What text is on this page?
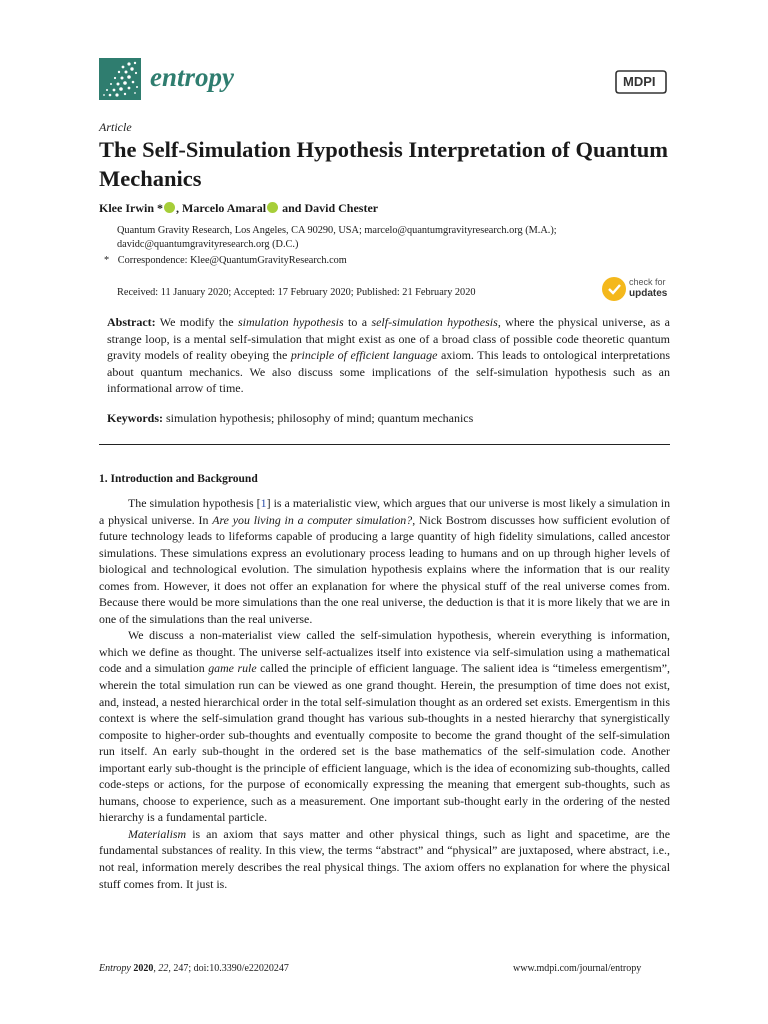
entropy	MDPI
Article
The Self-Simulation Hypothesis Interpretation of Quantum Mechanics
Klee Irwin * , Marcelo Amaral and David Chester
Quantum Gravity Research, Los Angeles, CA 90290, USA; marcelo@quantumgravityresearch.org (M.A.); davidc@quantumgravityresearch.org (D.C.)
* Correspondence: Klee@QuantumGravityResearch.com
Received: 11 January 2020; Accepted: 17 February 2020; Published: 21 February 2020
check for
updates
Abstract: We modify the simulation hypothesis to a self-simulation hypothesis, where the physical universe, as a strange loop, is a mental self-simulation that might exist as one of a broad class of possible code theoretic quantum gravity models of reality obeying the principle of efficient language axiom. This leads to ontological interpretations about quantum mechanics. We also discuss some implications of the self-simulation hypothesis such as an informational arrow of time.
Keywords: simulation hypothesis; philosophy of mind; quantum mechanics
1. Introduction and Background

The simulation hypothesis [1] is a materialistic view, which argues that our universe is most likely a simulation in a physical universe. In Are you living in a computer simulation?, Nick Bostrom discusses how sufficient evolution of future technology leads to lifeforms capable of producing a large quantity of high fidelity simulations, called ancestor simulations. These simulations express an evolutionary process leading to humans and on up through higher levels of biological and technological evolution. The simulation hypothesis explains where the information that is our reality comes from. However, it does not offer an explanation for where the physical stuff of the real universe comes from. Because there would be more simulations than the one real universe, the deduction is that it is more likely that we are in one of the simulations than the real universe.

We discuss a non-materialist view called the self-simulation hypothesis, wherein everything is information, which we define as thought. The universe self-actualizes itself into existence via self-simulation using a mathematical code and a simulation game rule called the principle of efficient language. The salient idea is “timeless emergentism”, wherein the total simulation run can be viewed as one grand thought. Herein, the presumption of time does not exist, and, instead, a nested hierarchical order in the total self-simulation thought as an ordered set exists. Emergentism in this context is where the self-simulation grand thought has various sub-thoughts in a nested hierarchy that synergistically composite to higher-order sub-thoughts and eventually composite to become the grand thought of the self-simulation run itself. An early sub-thought in the ordered set is the base mathematics of the self-simulation code. Another important early sub-thought is the principle of efficient language, which is the idea of economizing sub-thoughts, called code-steps or actions, for the purpose of economically expressing the meaning that emergent sub-thoughts, such as humans, choose to experience, such as a measurement. One important sub-thought early in the ordering of the nested hierarchy is a fundamental particle.

Materialism is an axiom that says matter and other physical things, such as light and spacetime, are the fundamental substances of reality. In this view, the terms “abstract” and “physical” are juxtaposed, where abstract, i.e., not real, information merely describes the real physical things. The axiom offers no explanation for where the physical stuff comes from. It just is.

Entropy 2020, 22, 247; doi:10.3390/e22020247	www.mdpi.com/journal/entropy
